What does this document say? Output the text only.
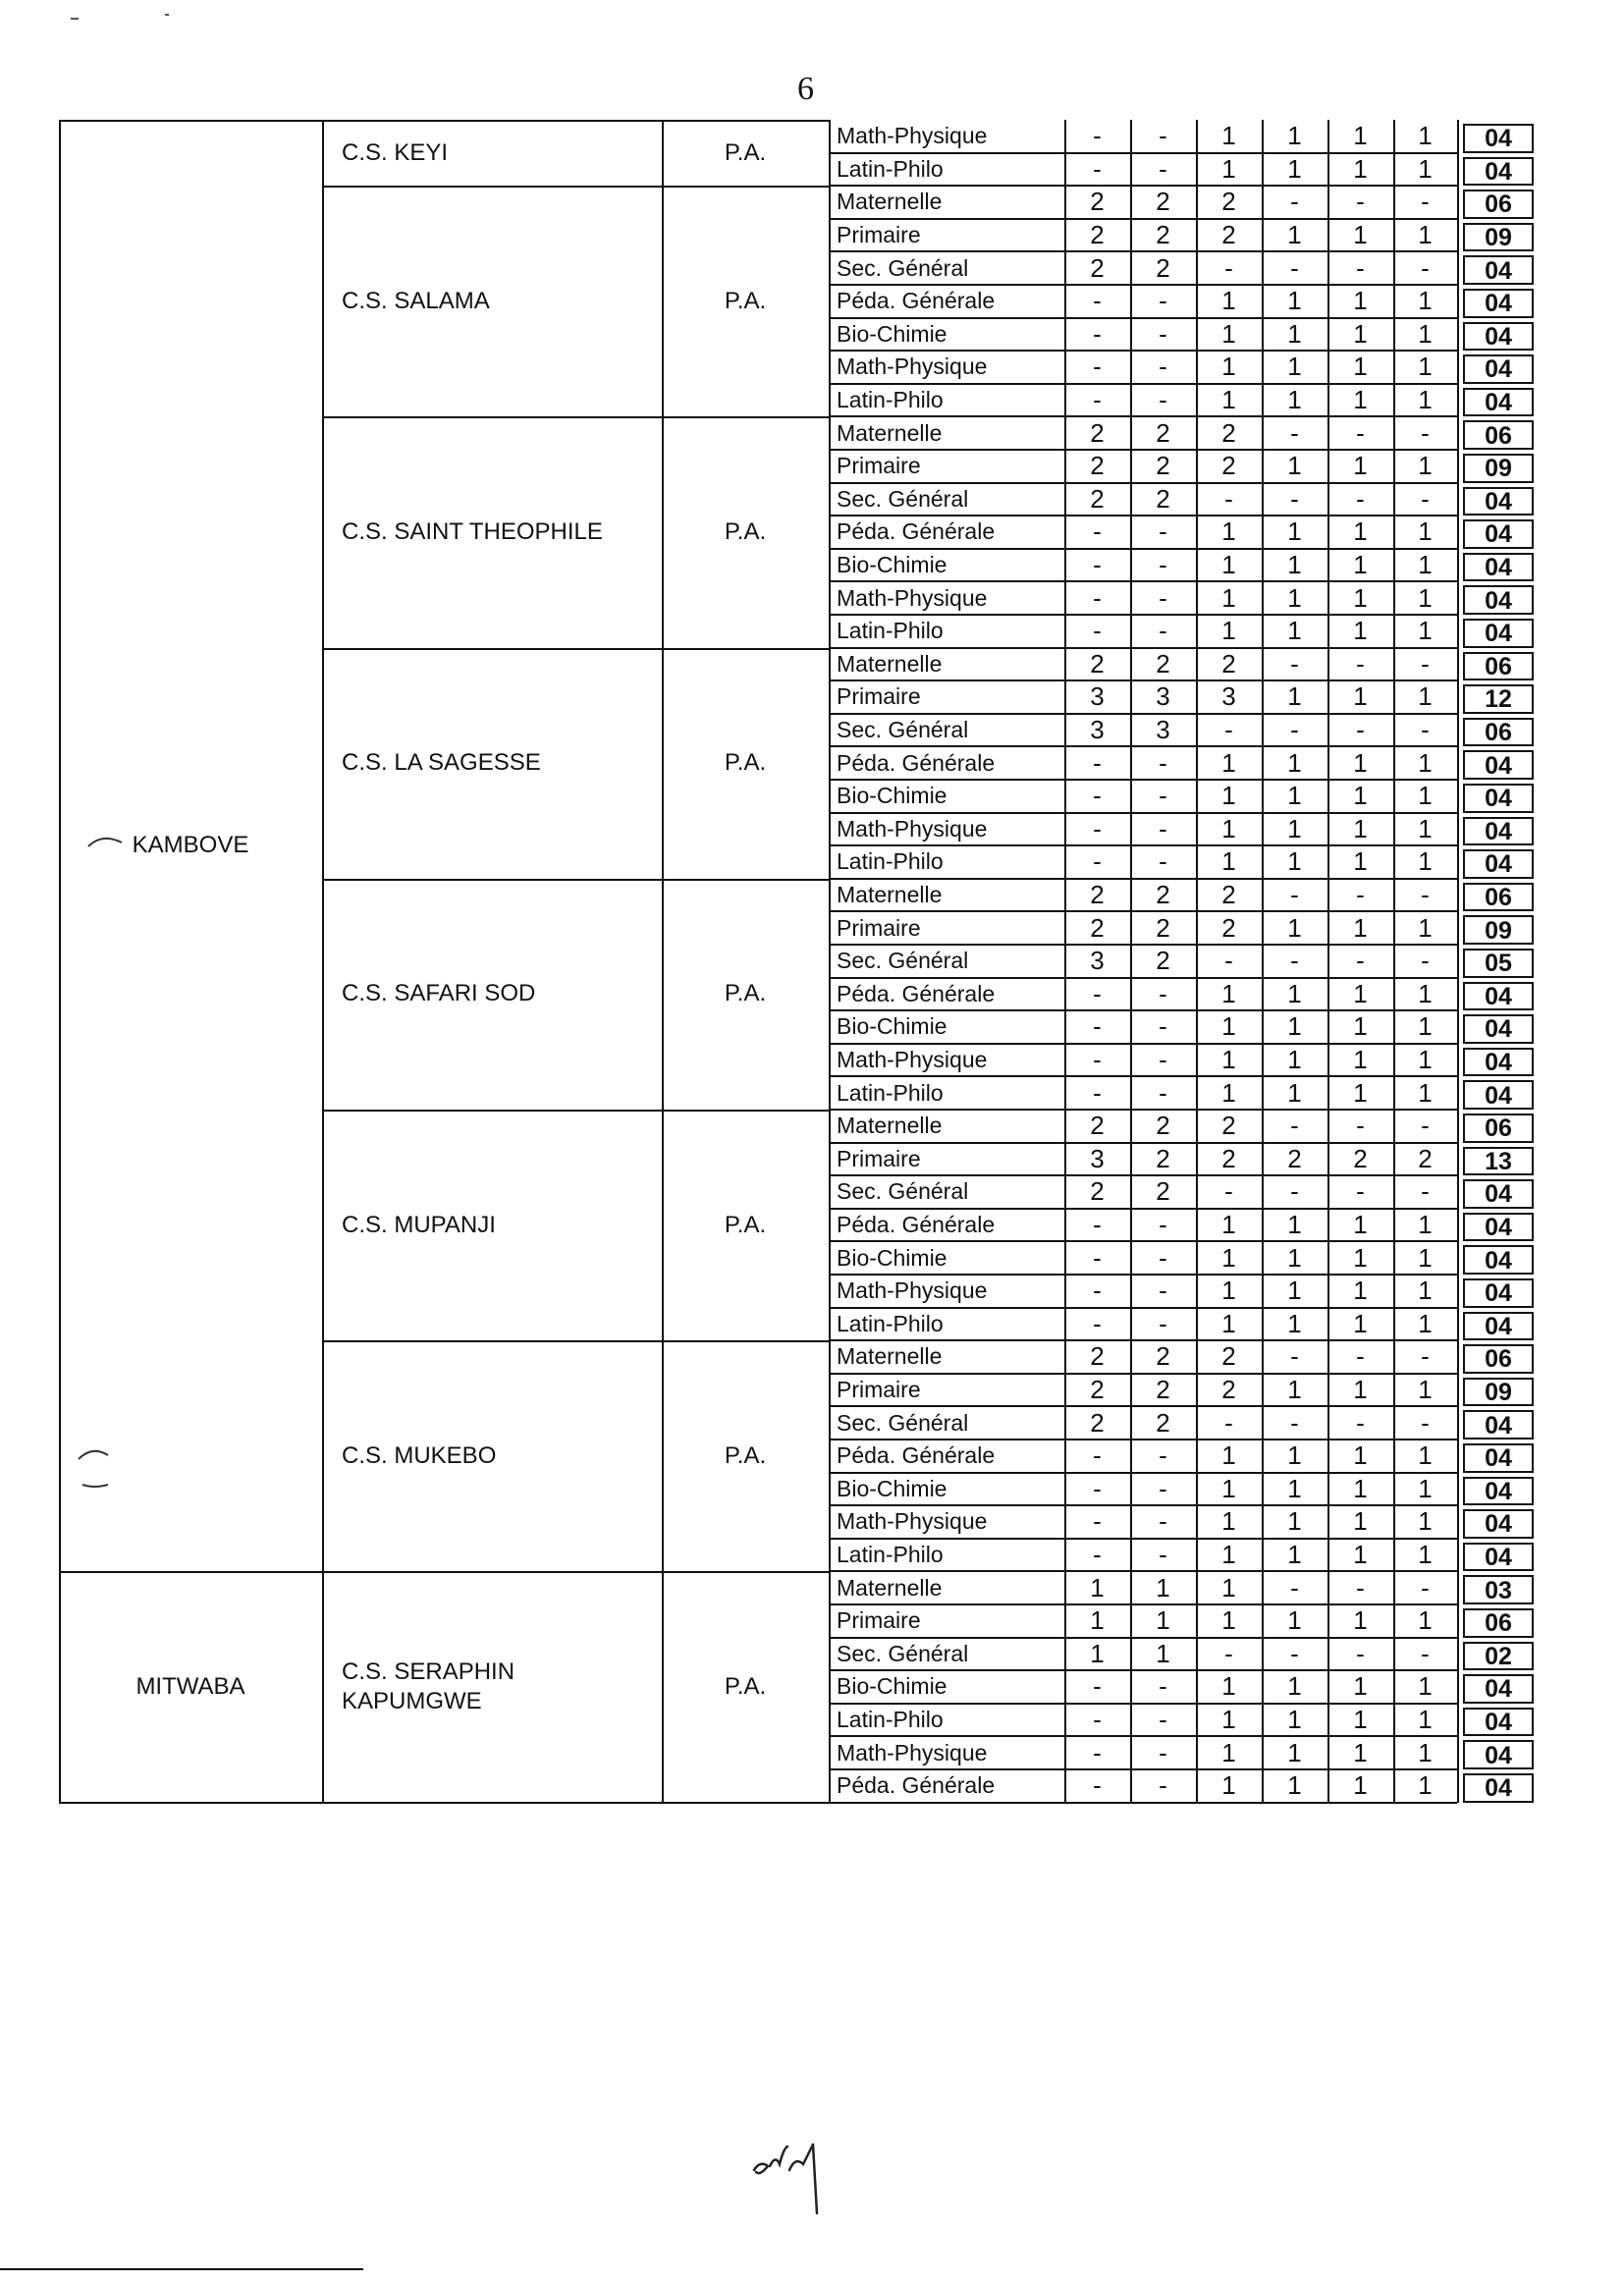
6
KAMBOVE
C.S. KEYI	P.A.
Math-Physique	-	-	1	1	1	1	04
Latin-Philo	-	-	1	1	1	1	04
C.S. SALAMA	P.A.
Maternelle	2	2	2	-	-	-	06
Primaire	2	2	2	1	1	1	09
Sec. Général	2	2	-	-	-	-	04
Péda. Générale	-	-	1	1	1	1	04
Bio-Chimie	-	-	1	1	1	1	04
Math-Physique	-	-	1	1	1	1	04
Latin-Philo	-	-	1	1	1	1	04
C.S. SAINT THEOPHILE	P.A.
Maternelle	2	2	2	-	-	-	06
Primaire	2	2	2	1	1	1	09
Sec. Général	2	2	-	-	-	-	04
Péda. Générale	-	-	1	1	1	1	04
Bio-Chimie	-	-	1	1	1	1	04
Math-Physique	-	-	1	1	1	1	04
Latin-Philo	-	-	1	1	1	1	04
C.S. LA SAGESSE	P.A.
Maternelle	2	2	2	-	-	-	06
Primaire	3	3	3	1	1	1	12
Sec. Général	3	3	-	-	-	-	06
Péda. Générale	-	-	1	1	1	1	04
Bio-Chimie	-	-	1	1	1	1	04
Math-Physique	-	-	1	1	1	1	04
Latin-Philo	-	-	1	1	1	1	04
C.S. SAFARI SOD	P.A.
Maternelle	2	2	2	-	-	-	06
Primaire	2	2	2	1	1	1	09
Sec. Général	3	2	-	-	-	-	05
Péda. Générale	-	-	1	1	1	1	04
Bio-Chimie	-	-	1	1	1	1	04
Math-Physique	-	-	1	1	1	1	04
Latin-Philo	-	-	1	1	1	1	04
C.S. MUPANJI	P.A.
Maternelle	2	2	2	-	-	-	06
Primaire	3	2	2	2	2	2	13
Sec. Général	2	2	-	-	-	-	04
Péda. Générale	-	-	1	1	1	1	04
Bio-Chimie	-	-	1	1	1	1	04
Math-Physique	-	-	1	1	1	1	04
Latin-Philo	-	-	1	1	1	1	04
C.S. MUKEBO	P.A.
Maternelle	2	2	2	-	-	-	06
Primaire	2	2	2	1	1	1	09
Sec. Général	2	2	-	-	-	-	04
Péda. Générale	-	-	1	1	1	1	04
Bio-Chimie	-	-	1	1	1	1	04
Math-Physique	-	-	1	1	1	1	04
Latin-Philo	-	-	1	1	1	1	04
MITWABA
C.S. SERAPHIN
KAPUMGWE
P.A.
Maternelle	1	1	1	-	-	-	03
Primaire	1	1	1	1	1	1	06
Sec. Général	1	1	-	-	-	-	02
Bio-Chimie	-	-	1	1	1	1	04
Latin-Philo	-	-	1	1	1	1	04
Math-Physique	-	-	1	1	1	1	04
Péda. Générale	-	-	1	1	1	1	04
